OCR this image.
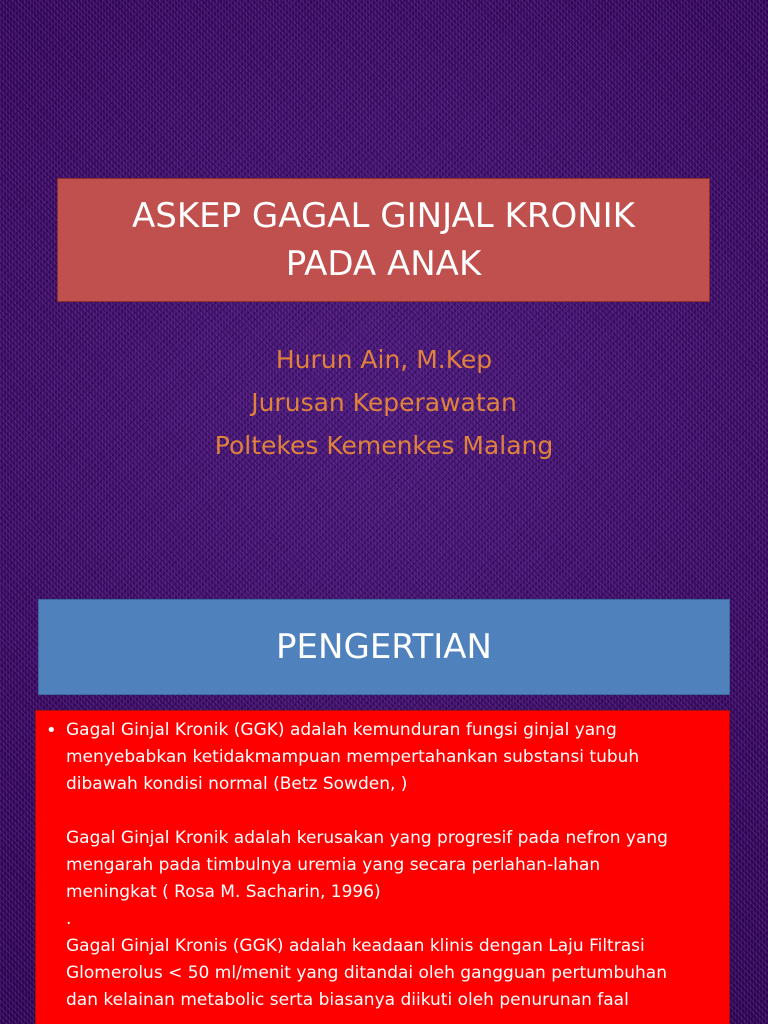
ASKEP GAGAL GINJAL KRONIK PADA ANAK
Hurun Ain, M.Kep
Jurusan Keperawatan
Poltekes Kemenkes Malang
PENGERTIAN
• Gagal Ginjal Kronik (GGK) adalah kemunduran fungsi ginjal yang
menyebabkan ketidakmampuan mempertahankan substansi tubuh
dibawah kondisi normal (Betz Sowden, )

Gagal Ginjal Kronik adalah kerusakan yang progresif pada nefron yang
mengarah pada timbulnya uremia yang secara perlahan-lahan
meningkat ( Rosa M. Sacharin, 1996)

.

Gagal Ginjal Kronis (GGK) adalah keadaan klinis dengan Laju Filtrasi
Glomerolus < 50 ml/menit yang ditandai oleh gangguan pertumbuhan
dan kelainan metabolic serta biasanya diikuti oleh penurunan faal
